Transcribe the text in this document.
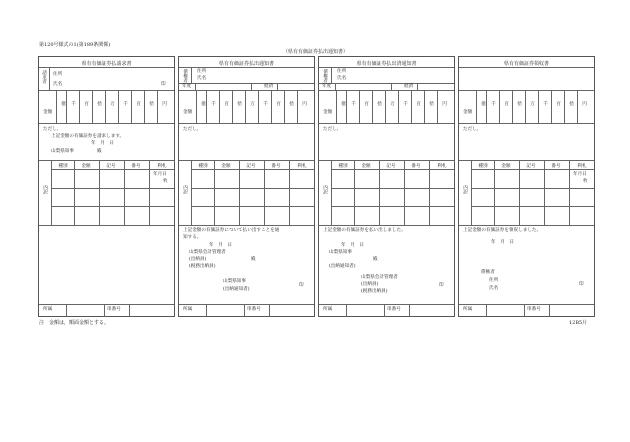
第120号様式の1(第189条関係)
（県有有価証券払出通知書）
県有有価証券払請求書
請求者 住所
氏名	印
金額
億	千	百	拾	万	千	百	拾	円
ただし、
上記金額の有価証券を請求します。
年　月　日
山梨県知事	殿
内訳
種別	金額	記号	番号	利札
年月日
枚
所属	串番号
県有有価証券払出通知書
債権者 住所
氏名
年度	経済
金額
億	千	百	拾	万	千	百	拾	円
ただし、
内訳
種別	金額	記号	番号	利札
上記金額の有価証券について払い出すことを通
知する。
年　月　日
山梨県会計管理者
(出納員)	殿
(税務出納員)
山梨県知事
(出納通知者)
印
所属	串番号
県有有価証券払出済通知書
債権者 住所
氏名
年度	経済
金額
億	千	百	拾	万	千	百	拾	円
ただし、
内訳
種別	金額	記号	番号	利札
上記金額の有価証券を払い出しました。
年　月　日
山梨県知事
殿
(出納通知者)
山梨県会計管理者
(出納員)
(税務出納員)
印
所属	串番号
県有有価証券領収書
金額
億	千	百	拾	万	千	百	拾	円
ただし、
内訳
種別	金額	記号	番号	利札
年月日
枚
上記金額の有価証券を領収しました。
年　月　日
債権者
住所
氏名
印
所属	串番号
注　金額は，額面金額とする。	12B5片
